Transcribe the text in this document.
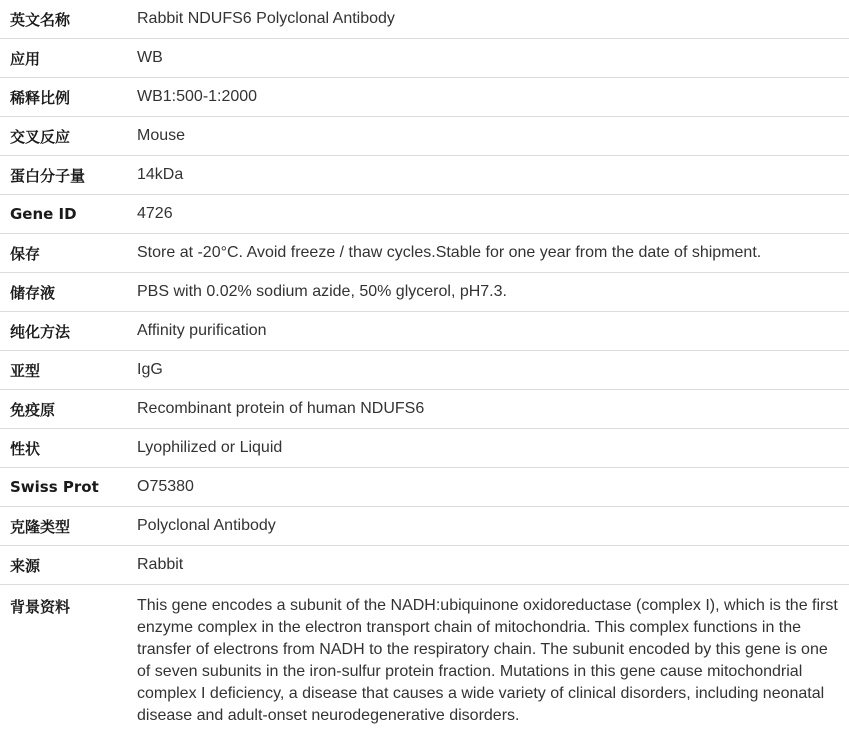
英文名称	Rabbit NDUFS6 Polyclonal Antibody
应用	WB
稀释比例	WB1:500-1:2000
交叉反应	Mouse
蛋白分子量	14kDa
Gene ID	4726
保存	Store at -20°C. Avoid freeze / thaw cycles.Stable for one year from the date of shipment.
储存液	PBS with 0.02% sodium azide, 50% glycerol, pH7.3.
纯化方法	Affinity purification
亚型	IgG
免疫原	Recombinant protein of human NDUFS6
性状	Lyophilized or Liquid
Swiss Prot	O75380
克隆类型	Polyclonal Antibody
来源	Rabbit
背景资料	This gene encodes a subunit of the NADH:ubiquinone oxidoreductase (complex I), which is the first enzyme complex in the electron transport chain of mitochondria. This complex functions in the transfer of electrons from NADH to the respiratory chain. The subunit encoded by this gene is one of seven subunits in the iron-sulfur protein fraction. Mutations in this gene cause mitochondrial complex I deficiency, a disease that causes a wide variety of clinical disorders, including neonatal disease and adult-onset neurodegenerative disorders.
